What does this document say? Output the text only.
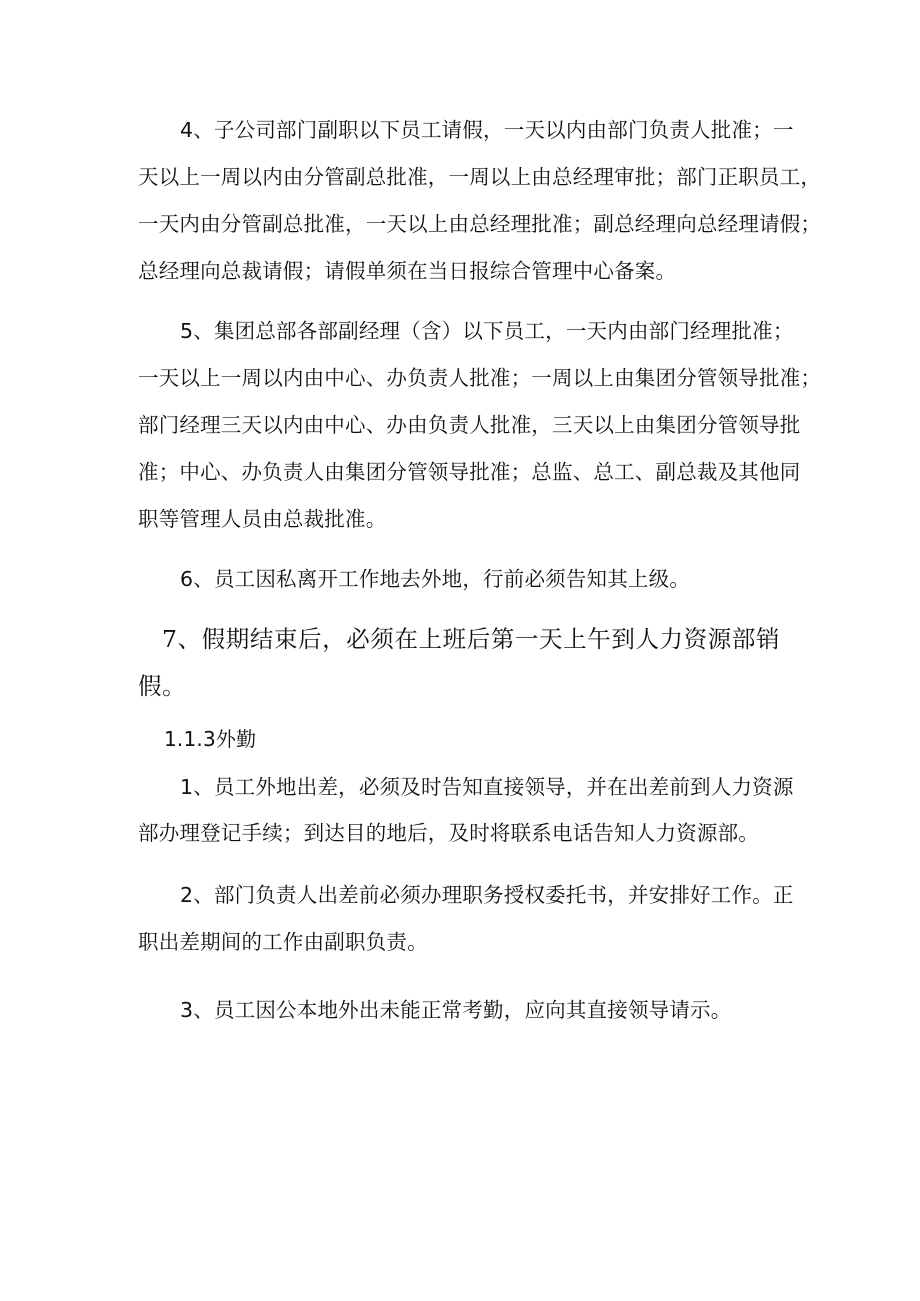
4、子公司部门副职以下员工请假，一天以内由部门负责人批准；一
天以上一周以内由分管副总批准，一周以上由总经理审批；部门正职员工，
一天内由分管副总批准，一天以上由总经理批准；副总经理向总经理请假；
总经理向总裁请假；请假单须在当日报综合管理中心备案。
5、集团总部各部副经理（含）以下员工，一天内由部门经理批准；
一天以上一周以内由中心、办负责人批准；一周以上由集团分管领导批准；
部门经理三天以内由中心、办由负责人批准，三天以上由集团分管领导批
准；中心、办负责人由集团分管领导批准；总监、总工、副总裁及其他同
职等管理人员由总裁批准。
6、员工因私离开工作地去外地，行前必须告知其上级。
7、假期结束后，必须在上班后第一天上午到人力资源部销
假。
1.1.3外勤
1、员工外地出差，必须及时告知直接领导，并在出差前到人力资源
部办理登记手续；到达目的地后，及时将联系电话告知人力资源部。
2、部门负责人出差前必须办理职务授权委托书，并安排好工作。正
职出差期间的工作由副职负责。
3、员工因公本地外出未能正常考勤，应向其直接领导请示。
